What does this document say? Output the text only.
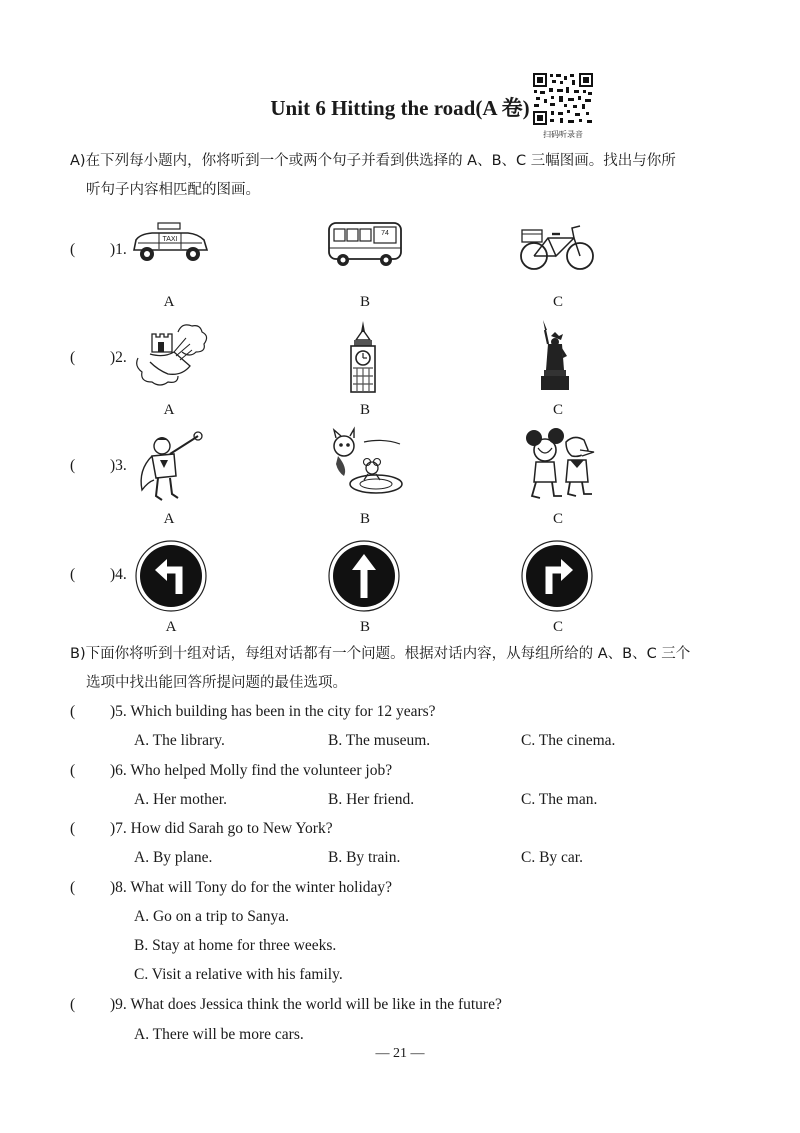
Unit 6 Hitting the road(A 卷)
扫码听录音
A)在下列每小题内，你将听到一个或两个句子并看到供选择的 A、B、C 三幅图画。找出与你所
听句子内容相匹配的图画。
( )1.
TAXI
74
A	B	C
( )2.
A	B	C
( )3.
A	B	C
( )4.
A	B	C
B)下面你将听到十组对话，每组对话都有一个问题。根据对话内容，从每组所给的 A、B、C 三个
选项中找出能回答所提问题的最佳选项。
( )5. Which building has been in the city for 12 years?
A. The library.	B. The museum.	C. The cinema.
( )6. Who helped Molly find the volunteer job?
A. Her mother.	B. Her friend.	C. The man.
( )7. How did Sarah go to New York?
A. By plane.	B. By train.	C. By car.
( )8. What will Tony do for the winter holiday?
A. Go on a trip to Sanya.
B. Stay at home for three weeks.
C. Visit a relative with his family.
( )9. What does Jessica think the world will be like in the future?
A. There will be more cars.
— 21 —
